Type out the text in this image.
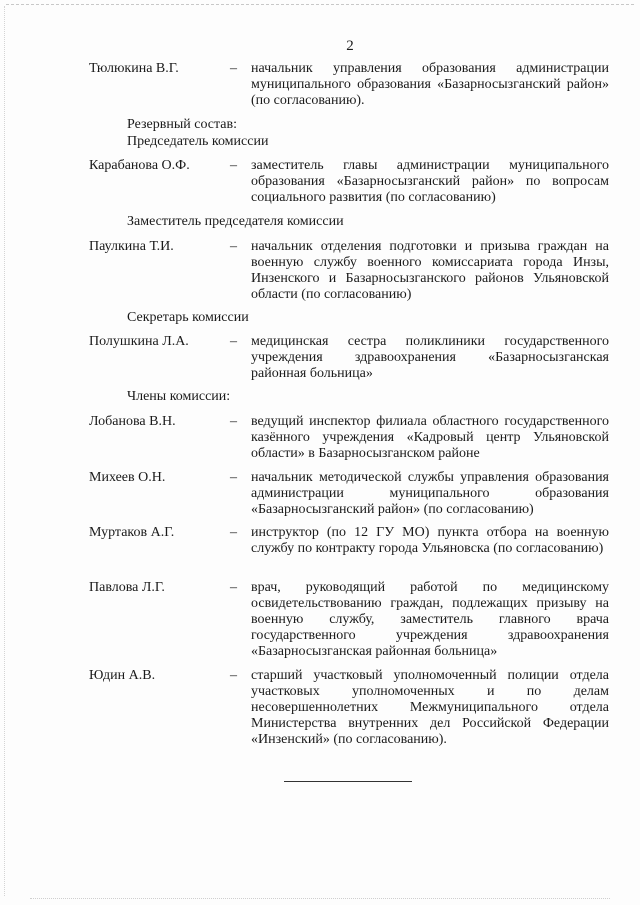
2
Тюлюкина В.Г.	– начальник управления образования администрации муниципального образования «Базарносызганский район» (по согласованию).
Резервный состав:
Председатель комиссии
Карабанова О.Ф.	– заместитель главы администрации муниципального образования «Базарносызганский район» по вопросам социального развития (по согласованию)
Заместитель председателя комиссии
Паулкина Т.И.	– начальник отделения подготовки и призыва граждан на военную службу военного комиссариата города Инзы, Инзенского и Базарносызганского районов Ульяновской области (по согласованию)
Секретарь комиссии
Полушкина Л.А.	– медицинская сестра поликлиники государственного учреждения здравоохранения «Базарносызганская районная больница»
Члены комиссии:
Лобанова В.Н.	– ведущий инспектор филиала областного государственного казённого учреждения «Кадровый центр Ульяновской области» в Базарносызганском районе
Михеев О.Н.	– начальник методической службы управления образования администрации муниципального образования «Базарносызганский район» (по согласованию)
Муртаков А.Г.	– инструктор (по 12 ГУ МО) пункта отбора на военную службу по контракту города Ульяновска (по согласованию)
Павлова Л.Г.	– врач, руководящий работой по медицинскому освидетельствованию граждан, подлежащих призыву на военную службу, заместитель главного врача государственного учреждения здравоохранения «Базарносызганская районная больница»
Юдин А.В.	– старший участковый уполномоченный полиции отдела участковых уполномоченных и по делам несовершеннолетних Межмуниципального отдела Министерства внутренних дел Российской Федерации «Инзенский» (по согласованию).
